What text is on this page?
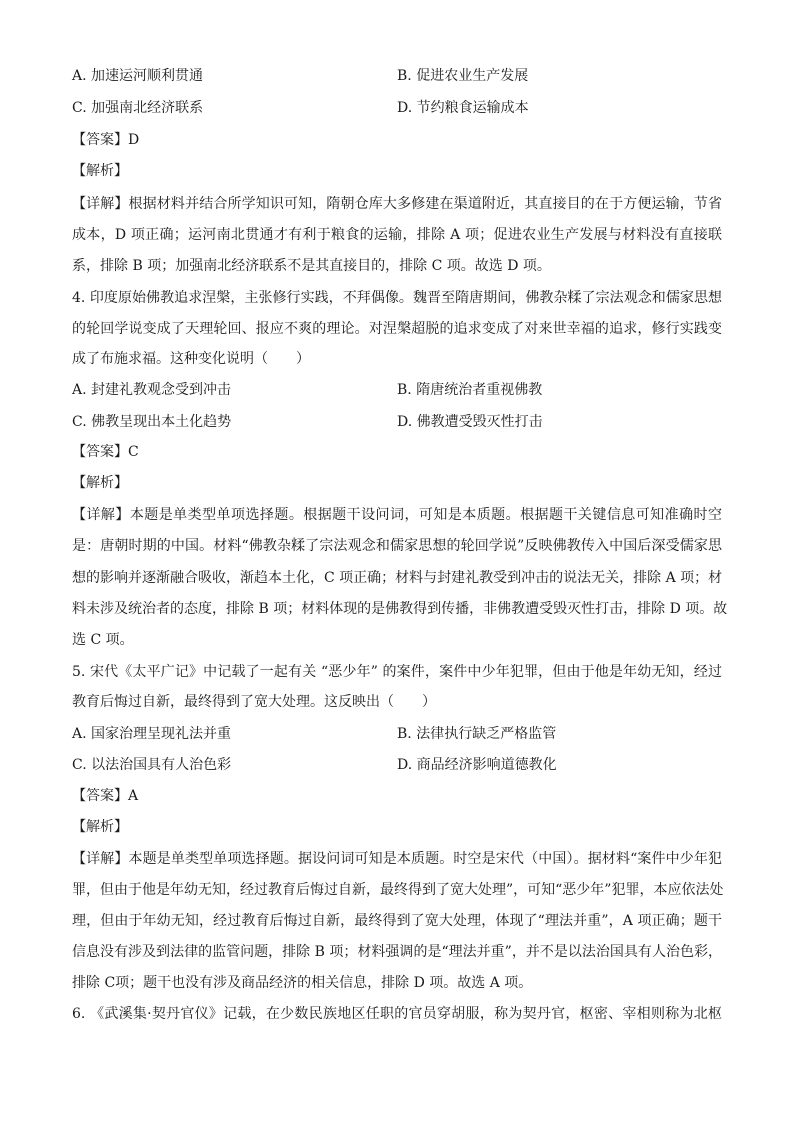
A. 加速运河顺利贯通	B. 促进农业生产发展
C. 加强南北经济联系	D. 节约粮食运输成本
【答案】D
【解析】
【详解】根据材料并结合所学知识可知，隋朝仓库大多修建在渠道附近，其直接目的在于方便运输，节省
成本，D 项正确；运河南北贯通才有利于粮食的运输，排除 A 项；促进农业生产发展与材料没有直接联
系，排除 B 项；加强南北经济联系不是其直接目的，排除 C 项。故选 D 项。
4. 印度原始佛教追求涅槃，主张修行实践，不拜偶像。魏晋至隋唐期间，佛教杂糅了宗法观念和儒家思想
的轮回学说变成了天理轮回、报应不爽的理论。对涅槃超脱的追求变成了对来世幸福的追求，修行实践变
成了布施求福。这种变化说明（　　）
A. 封建礼教观念受到冲击	B. 隋唐统治者重视佛教
C. 佛教呈现出本土化趋势	D. 佛教遭受毁灭性打击
【答案】C
【解析】
【详解】本题是单类型单项选择题。根据题干设问词，可知是本质题。根据题干关键信息可知准确时空
是：唐朝时期的中国。材料“佛教杂糅了宗法观念和儒家思想的轮回学说”反映佛教传入中国后深受儒家思
想的影响并逐渐融合吸收，渐趋本土化，C 项正确；材料与封建礼教受到冲击的说法无关，排除 A 项；材
料未涉及统治者的态度，排除 B 项；材料体现的是佛教得到传播，非佛教遭受毁灭性打击，排除 D 项。故
选 C 项。
5. 宋代《太平广记》中记载了一起有关 “恶少年” 的案件，案件中少年犯罪，但由于他是年幼无知，经过
教育后悔过自新，最终得到了宽大处理。这反映出（　　）
A. 国家治理呈现礼法并重	B. 法律执行缺乏严格监管
C. 以法治国具有人治色彩	D. 商品经济影响道德教化
【答案】A
【解析】
【详解】本题是单类型单项选择题。据设问词可知是本质题。时空是宋代（中国）。据材料“案件中少年犯
罪，但由于他是年幼无知，经过教育后悔过自新，最终得到了宽大处理”，可知“恶少年”犯罪，本应依法处
理，但由于年幼无知，经过教育后悔过自新，最终得到了宽大处理，体现了“理法并重”，A 项正确；题干
信息没有涉及到法律的监管问题，排除 B 项；材料强调的是“理法并重”，并不是以法治国具有人治色彩，
排除 C项；题干也没有涉及商品经济的相关信息，排除 D 项。故选 A 项。
6. 《武溪集·契丹官仪》记载，在少数民族地区任职的官员穿胡服，称为契丹官，枢密、宰相则称为北枢
